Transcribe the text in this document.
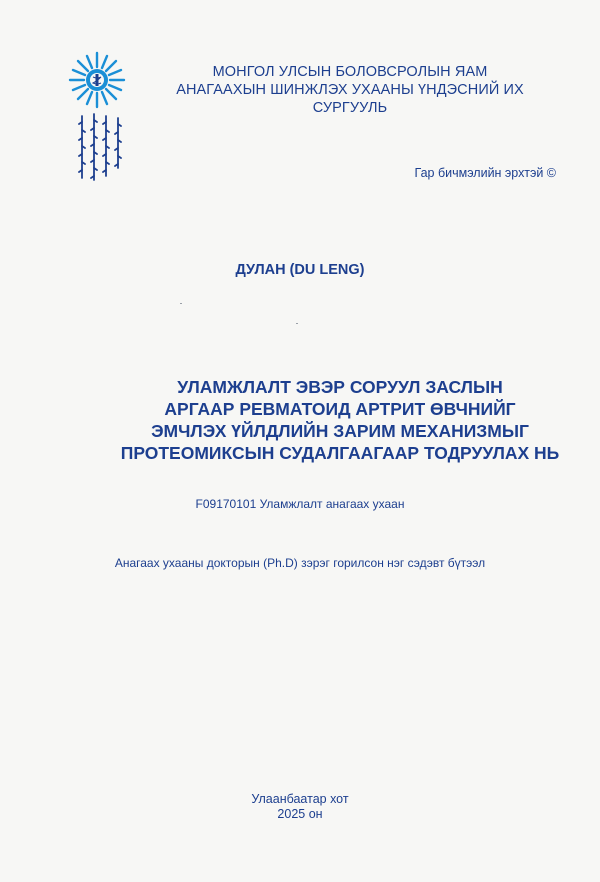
МОНГОЛ УЛСЫН БОЛОВСРОЛЫН ЯАМ
АНАГААХЫН ШИНЖЛЭХ УХААНЫ ҮНДЭСНИЙ ИХ СУРГУУЛЬ
Гар бичмэлийн эрхтэй ©
ДУЛАН (DU LENG)
УЛАМЖЛАЛТ ЭВЭР СОРУУЛ ЗАСЛЫН
АРГААР РЕВМАТОИД АРТРИТ ӨВЧНИЙГ
ЭМЧЛЭХ ҮЙЛДЛИЙН ЗАРИМ МЕХАНИЗМЫГ
ПРОТЕОМИКСЫН СУДАЛГААГААР ТОДРУУЛАХ НЬ
F09170101 Уламжлалт анагаах ухаан
Анагаах ухааны докторын (Ph.D) зэрэг горилсон нэг сэдэвт бүтээл
Улаанбаатар хот
2025 он
